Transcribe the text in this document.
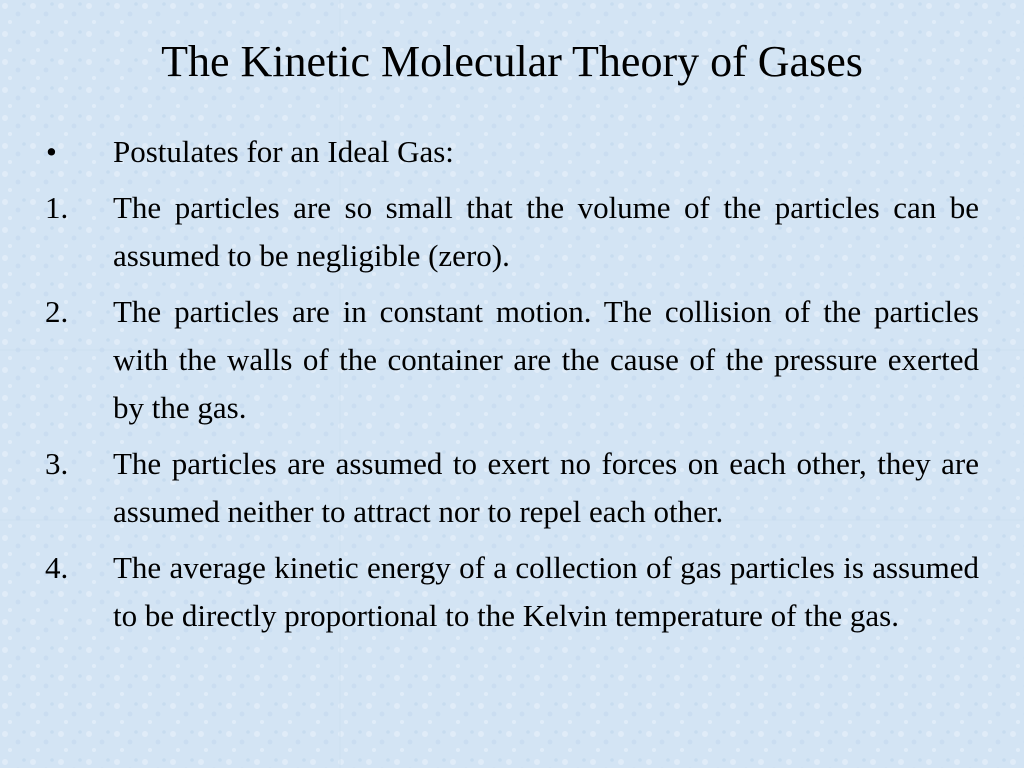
The Kinetic Molecular Theory of Gases
• Postulates for an Ideal Gas:
1. The particles are so small that the volume of the particles can be assumed to be negligible (zero).
2. The particles are in constant motion. The collision of the particles with the walls of the container are the cause of the pressure exerted by the gas.
3. The particles are assumed to exert no forces on each other, they are assumed neither to attract nor to repel each other.
4. The average kinetic energy of a collection of gas particles is assumed to be directly proportional to the Kelvin temperature of the gas.
